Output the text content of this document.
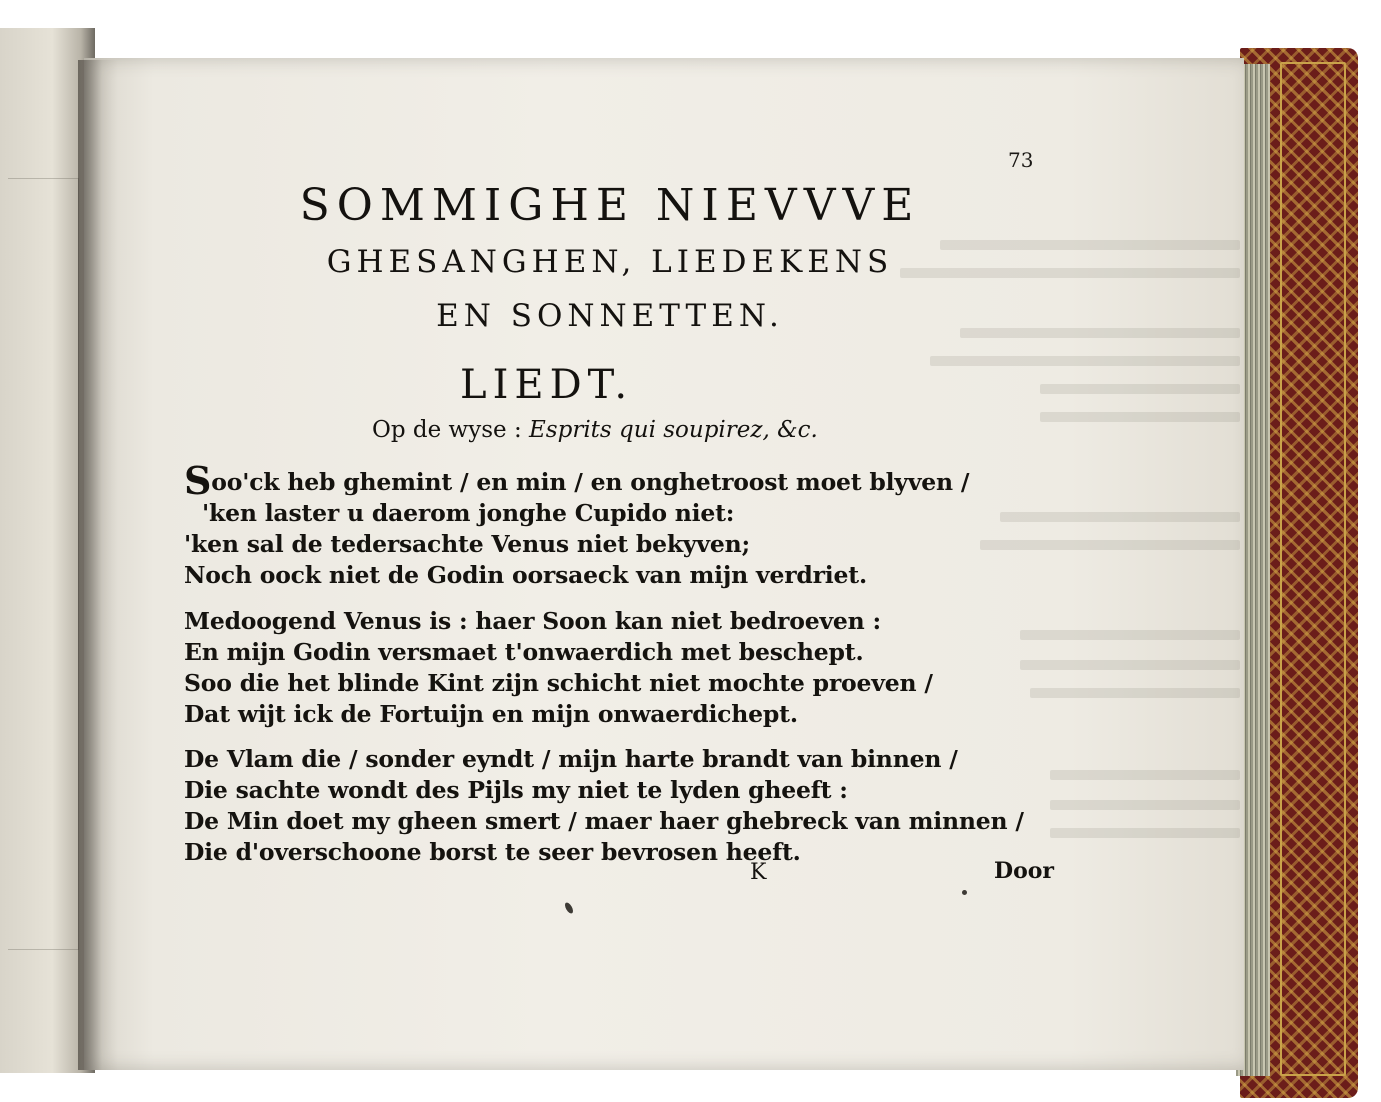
73
SOMMIGHE NIEVVVE
GHESANGHEN, LIEDEKENS
EN SONNETTEN.
LIEDT.
Op de wyse : Esprits qui soupirez, &c.
Soo'ck heb ghemint / en min / en onghetroost moet blyven /
'ken laster u daerom jonghe Cupido niet:
'ken sal de tedersachte Venus niet bekyven;
Noch oock niet de Godin oorsaeck van mijn verdriet.
Medoogend Venus is : haer Soon kan niet bedroeven :
En mijn Godin versmaet t'onwaerdich met beschept.
Soo die het blinde Kint zijn schicht niet mochte proeven /
Dat wijt ick de Fortuijn en mijn onwaerdichept.
De Vlam die / sonder eyndt / mijn harte brandt van binnen /
Die sachte wondt des Pijls my niet te lyden gheeft :
De Min doet my gheen smert / maer haer ghebreck van minnen /
Die d'overschoone borst te seer bevrosen heeft.
K	Door
